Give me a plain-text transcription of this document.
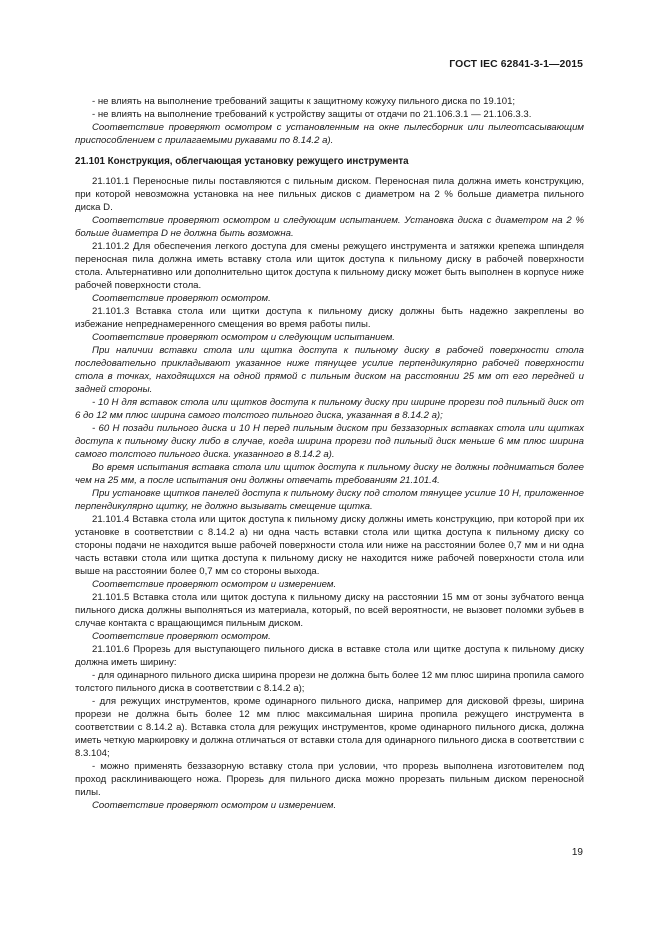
ГОСТ IEC 62841-3-1—2015

- не влиять на выполнение требований защиты к защитному кожуху пильного диска по 19.101;

- не влиять на выполнение требований к устройству защиты от отдачи по 21.106.3.1 — 21.106.3.3.

Соответствие проверяют осмотром с установленным на окне пылесборник или пылеотсасывающим приспособлением с прилагаемыми рукавами по 8.14.2 а).

21.101 Конструкция, облегчающая установку режущего инструмента

21.101.1 Переносные пилы поставляются с пильным диском. Переносная пила должна иметь конструкцию, при которой невозможна установка на нее пильных дисков с диаметром на 2 % больше диаметра пильного диска D.

Соответствие проверяют осмотром и следующим испытанием. Установка диска с диаметром на 2 % больше диаметра D не должна быть возможна.

21.101.2 Для обеспечения легкого доступа для смены режущего инструмента и затяжки крепежа шпинделя переносная пила должна иметь вставку стола или щиток доступа к пильному диску в рабочей поверхности стола. Альтернативно или дополнительно щиток доступа к пильному диску может быть выполнен в корпусе ниже рабочей поверхности стола.

Соответствие проверяют осмотром.

21.101.3 Вставка стола или щитки доступа к пильному диску должны быть надежно закреплены во избежание непреднамеренного смещения во время работы пилы.

Соответствие проверяют осмотром и следующим испытанием.

При наличии вставки стола или щитка доступа к пильному диску в рабочей поверхности стола последовательно прикладывают указанное ниже тянущее усилие перпендикулярно рабочей поверхности стола в точках, находящихся на одной прямой с пильным диском на расстоянии 25 мм от его передней и задней стороны.

- 10 Н для вставок стола или щитков доступа к пильному диску при ширине прорези под пильный диск от 6 до 12 мм плюс ширина самого толстого пильного диска, указанная в 8.14.2 а);

- 60 Н позади пильного диска и 10 Н перед пильным диском при беззазорных вставках стола или щитках доступа к пильному диску либо в случае, когда ширина прорези под пильный диск меньше 6 мм плюс ширина самого толстого пильного диска. указанного в 8.14.2 а).

Во время испытания вставка стола или щиток доступа к пильному диску не должны подниматься более чем на 25 мм, а после испытания они должны отвечать требованиям 21.101.4.

При установке щитков панелей доступа к пильному диску под столом тянущее усилие 10 Н, приложенное перпендикулярно щитку, не должно вызывать смещение щитка.

21.101.4 Вставка стола или щиток доступа к пильному диску должны иметь конструкцию, при которой при их установке в соответствии с 8.14.2 а) ни одна часть вставки стола или щитка доступа к пильному диску со стороны подачи не находится выше рабочей поверхности стола или ниже на расстоянии более 0,7 мм и ни одна часть вставки стола или щитка доступа к пильному диску не находится ниже рабочей поверхности стола или выше на расстоянии более 0,7 мм со стороны выхода.

Соответствие проверяют осмотром и измерением.

21.101.5 Вставка стола или щиток доступа к пильному диску на расстоянии 15 мм от зоны зубчатого венца пильного диска должны выполняться из материала, который, по всей вероятности, не вызовет поломки зубьев в случае контакта с вращающимся пильным диском.

Соответствие проверяют осмотром.

21.101.6 Прорезь для выступающего пильного диска в вставке стола или щитке доступа к пильному диску должна иметь ширину:

- для одинарного пильного диска ширина прорези не должна быть более 12 мм плюс ширина пропила самого толстого пильного диска в соответствии с 8.14.2 а);

- для режущих инструментов, кроме одинарного пильного диска, например для дисковой фрезы, ширина прорези не должна быть более 12 мм плюс максимальная ширина пропила режущего инструмента в соответствии с 8.14.2 а). Вставка стола для режущих инструментов, кроме одинарного пильного диска, должна иметь четкую маркировку и должна отличаться от вставки стола для одинарного пильного диска в соответствии с 8.3.104;

- можно применять беззазорную вставку стола при условии, что прорезь выполнена изготовителем под проход расклинивающего ножа. Прорезь для пильного диска можно прорезать пильным диском переносной пилы.

Соответствие проверяют осмотром и измерением.

19
